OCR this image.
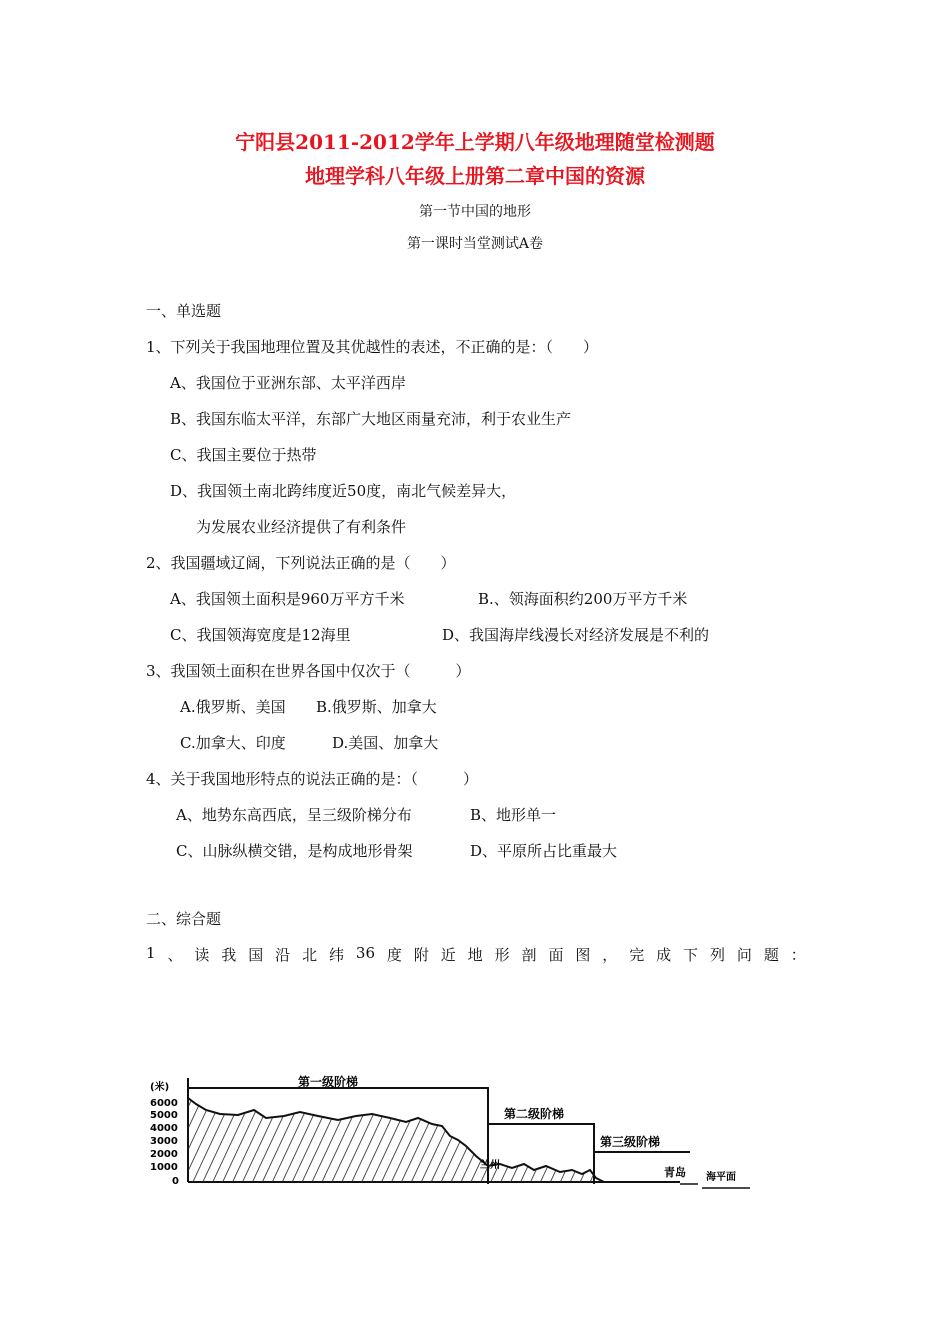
宁阳县2011-2012学年上学期八年级地理随堂检测题
地理学科八年级上册第二章中国的资源
第一节中国的地形
第一课时当堂测试A卷
一、单选题
1、下列关于我国地理位置及其优越性的表述，不正确的是：（　　）
A、我国位于亚洲东部、太平洋西岸
B、我国东临太平洋，东部广大地区雨量充沛，利于农业生产
C、我国主要位于热带
D、我国领土南北跨纬度近50度，南北气候差异大，
为发展农业经济提供了有利条件
2、我国疆域辽阔，下列说法正确的是（　　）
A、我国领土面积是960万平方千米	B.、领海面积约200万平方千米
C、我国领海宽度是12海里	D、我国海岸线漫长对经济发展是不利的
3、我国领土面积在世界各国中仅次于（　　　）
A.俄罗斯、美国 B.俄罗斯、加拿大
C.加拿大、印度	D.美国、加拿大
4、关于我国地形特点的说法正确的是：（　　　）
A、地势东高西底，呈三级阶梯分布	B、地形单一
C、山脉纵横交错，是构成地形骨架	D、平原所占比重最大
二、综合题
1 、 读 我 国 沿 北 纬 36 度 附 近 地 形 剖 面 图 ， 完 成 下 列 问 题 ：
(米)
6000
5000
4000
3000
2000
1000
0
第一级阶梯
第二级阶梯
第三级阶梯
兰州
青岛 海平面
